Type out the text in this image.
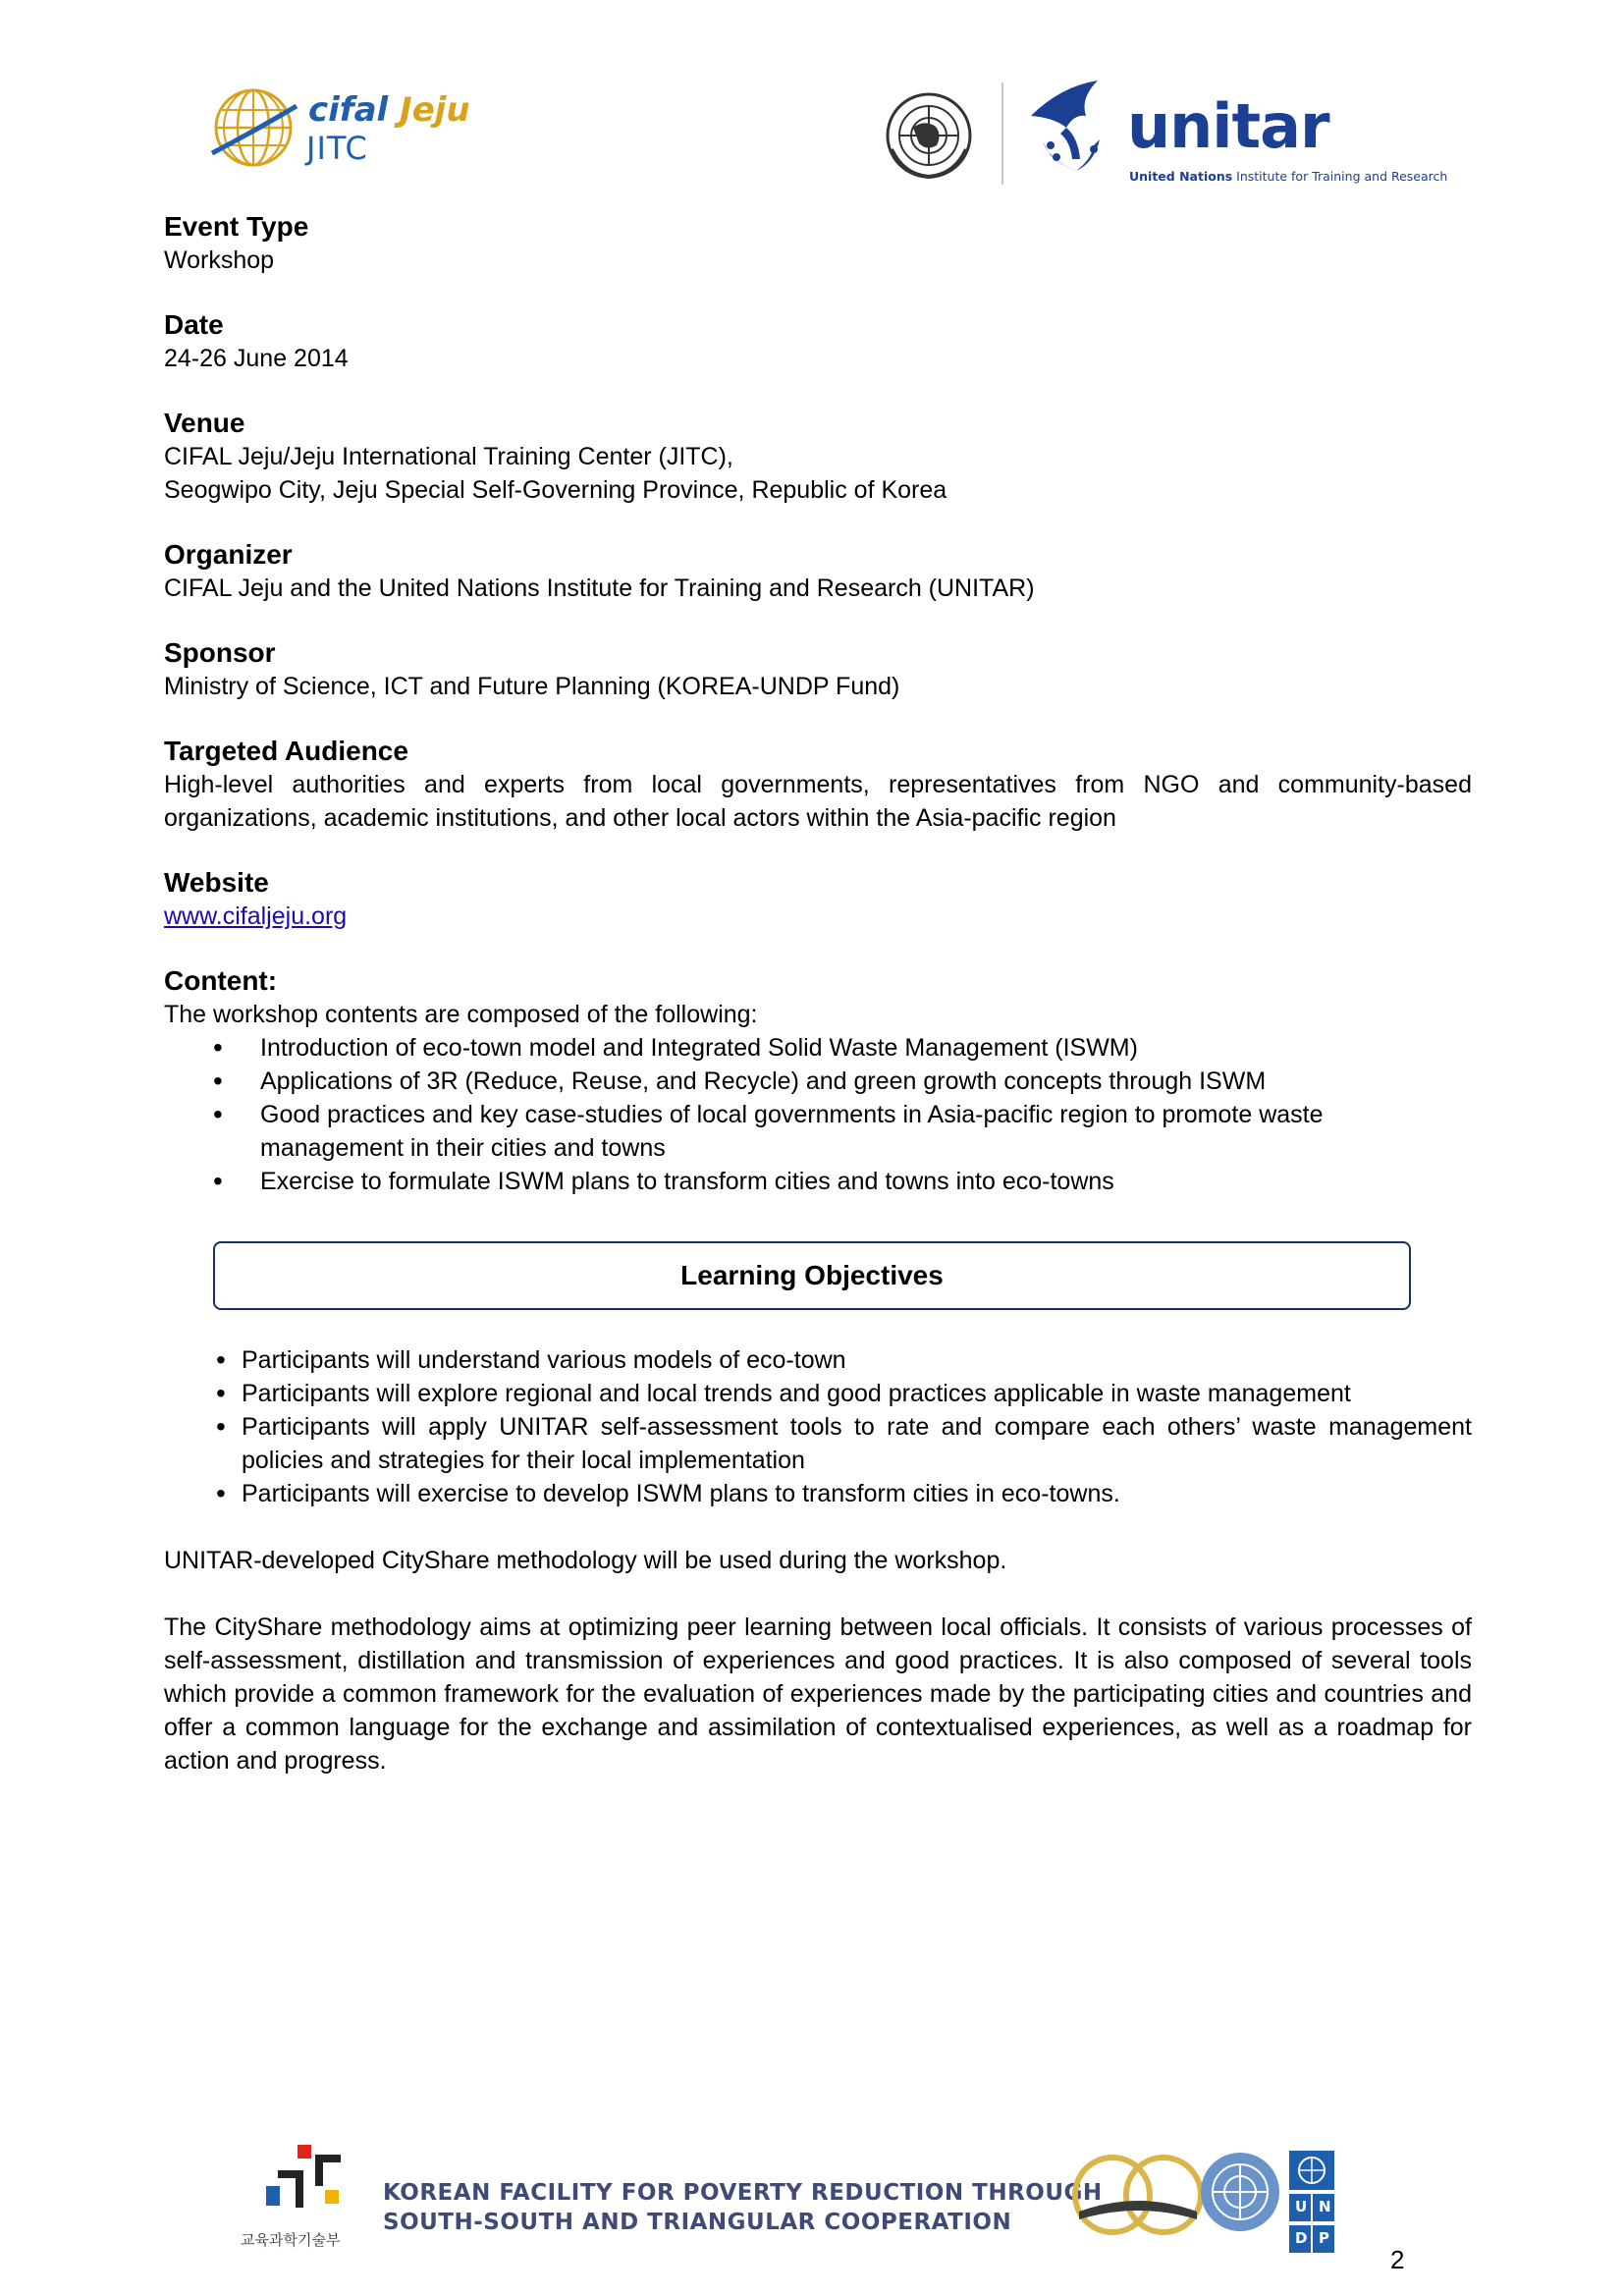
cifal Jeju
JITC	unitar
United Nations Institute for Training and Research
Event Type
Workshop
Date
24-26 June 2014
Venue
CIFAL Jeju/Jeju International Training Center (JITC),
Seogwipo City, Jeju Special Self-Governing Province, Republic of Korea
Organizer
CIFAL Jeju and the United Nations Institute for Training and Research (UNITAR)
Sponsor
Ministry of Science, ICT and Future Planning (KOREA-UNDP Fund)
Targeted Audience
High-level authorities and experts from local governments, representatives from NGO and community-based organizations, academic institutions, and other local actors within the Asia-pacific region
Website
www.cifaljeju.org
Content:
The workshop contents are composed of the following:
• Introduction of eco-town model and Integrated Solid Waste Management (ISWM)
• Applications of 3R (Reduce, Reuse, and Recycle) and green growth concepts through ISWM
• Good practices and key case-studies of local governments in Asia-pacific region to promote waste management in their cities and towns
• Exercise to formulate ISWM plans to transform cities and towns into eco-towns
Learning Objectives
• Participants will understand various models of eco-town
• Participants will explore regional and local trends and good practices applicable in waste management
• Participants will apply UNITAR self-assessment tools to rate and compare each others’ waste management policies and strategies for their local implementation
• Participants will exercise to develop ISWM plans to transform cities in eco-towns.
UNITAR-developed CityShare methodology will be used during the workshop.
The CityShare methodology aims at optimizing peer learning between local officials. It consists of various processes of self-assessment, distillation and transmission of experiences and good practices. It is also composed of several tools which provide a common framework for the evaluation of experiences made by the participating cities and countries and offer a common language for the exchange and assimilation of contextualised experiences, as well as a roadmap for action and progress.
교육과학기술부
KOREAN FACILITY FOR POVERTY REDUCTION THROUGH
SOUTH-SOUTH AND TRIANGULAR COOPERATION
U N
D P
2
